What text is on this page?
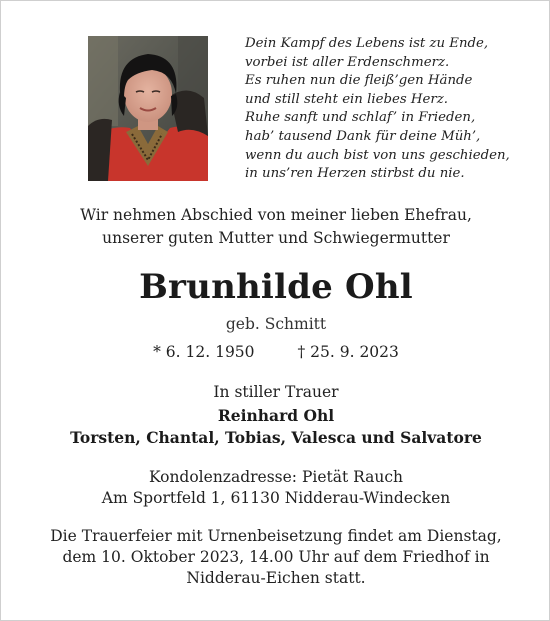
Dein Kampf des Lebens ist zu Ende,
vorbei ist aller Erdenschmerz.
Es ruhen nun die fleiß’gen Hände
und still steht ein liebes Herz.
Ruhe sanft und schlaf’ in Frieden,
hab’ tausend Dank für deine Müh’,
wenn du auch bist von uns geschieden,
in uns’ren Herzen stirbst du nie.
Wir nehmen Abschied von meiner lieben Ehefrau,
unserer guten Mutter und Schwiegermutter
Brunhilde Ohl
geb. Schmitt
* 6. 12. 1950	† 25. 9. 2023
In stiller Trauer
Reinhard Ohl
Torsten, Chantal, Tobias, Valesca und Salvatore
Kondolenzadresse: Pietät Rauch
Am Sportfeld 1, 61130 Nidderau-Windecken
Die Trauerfeier mit Urnenbeisetzung findet am Dienstag,
dem 10. Oktober 2023, 14.00 Uhr auf dem Friedhof in
Nidderau-Eichen statt.
